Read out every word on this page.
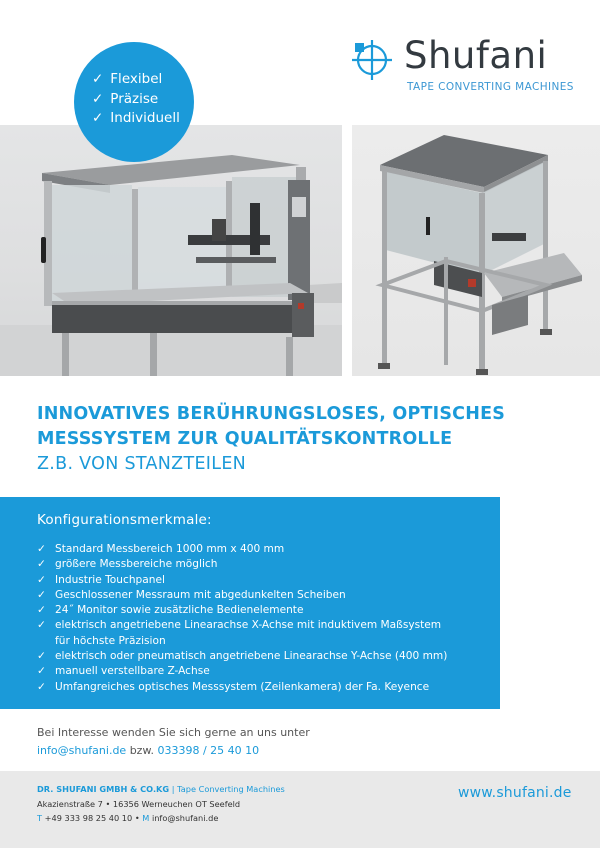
Shufani
TAPE CONVERTING MACHINES
✓ Flexibel
✓ Präzise
✓ Individuell
INNOVATIVES BERÜHRUNGSLOSES, OPTISCHES
MESSSYSTEM ZUR QUALITÄTSKONTROLLE
Z.B. VON STANZTEILEN
Konfigurationsmerkmale:
✓ Standard Messbereich 1000 mm x 400 mm
✓ größere Messbereiche möglich
✓ Industrie Touchpanel
✓ Geschlossener Messraum mit abgedunkelten Scheiben
✓ 24˝ Monitor sowie zusätzliche Bedienelemente
✓ elektrisch angetriebene Linearachse X-Achse mit induktivem Maßsystem
für höchste Präzision
✓ elektrisch oder pneumatisch angetriebene Linearachse Y-Achse (400 mm)
✓ manuell verstellbare Z-Achse
✓ Umfangreiches optisches Messsystem (Zeilenkamera) der Fa. Keyence
Bei Interesse wenden Sie sich gerne an uns unter
info@shufani.de bzw. 033398 / 25 40 10
DR. SHUFANI GMBH & CO.KG | Tape Converting Machines
Akazienstraße 7 • 16356 Werneuchen OT Seefeld
T +49 333 98 25 40 10 • M info@shufani.de
www.shufani.de
